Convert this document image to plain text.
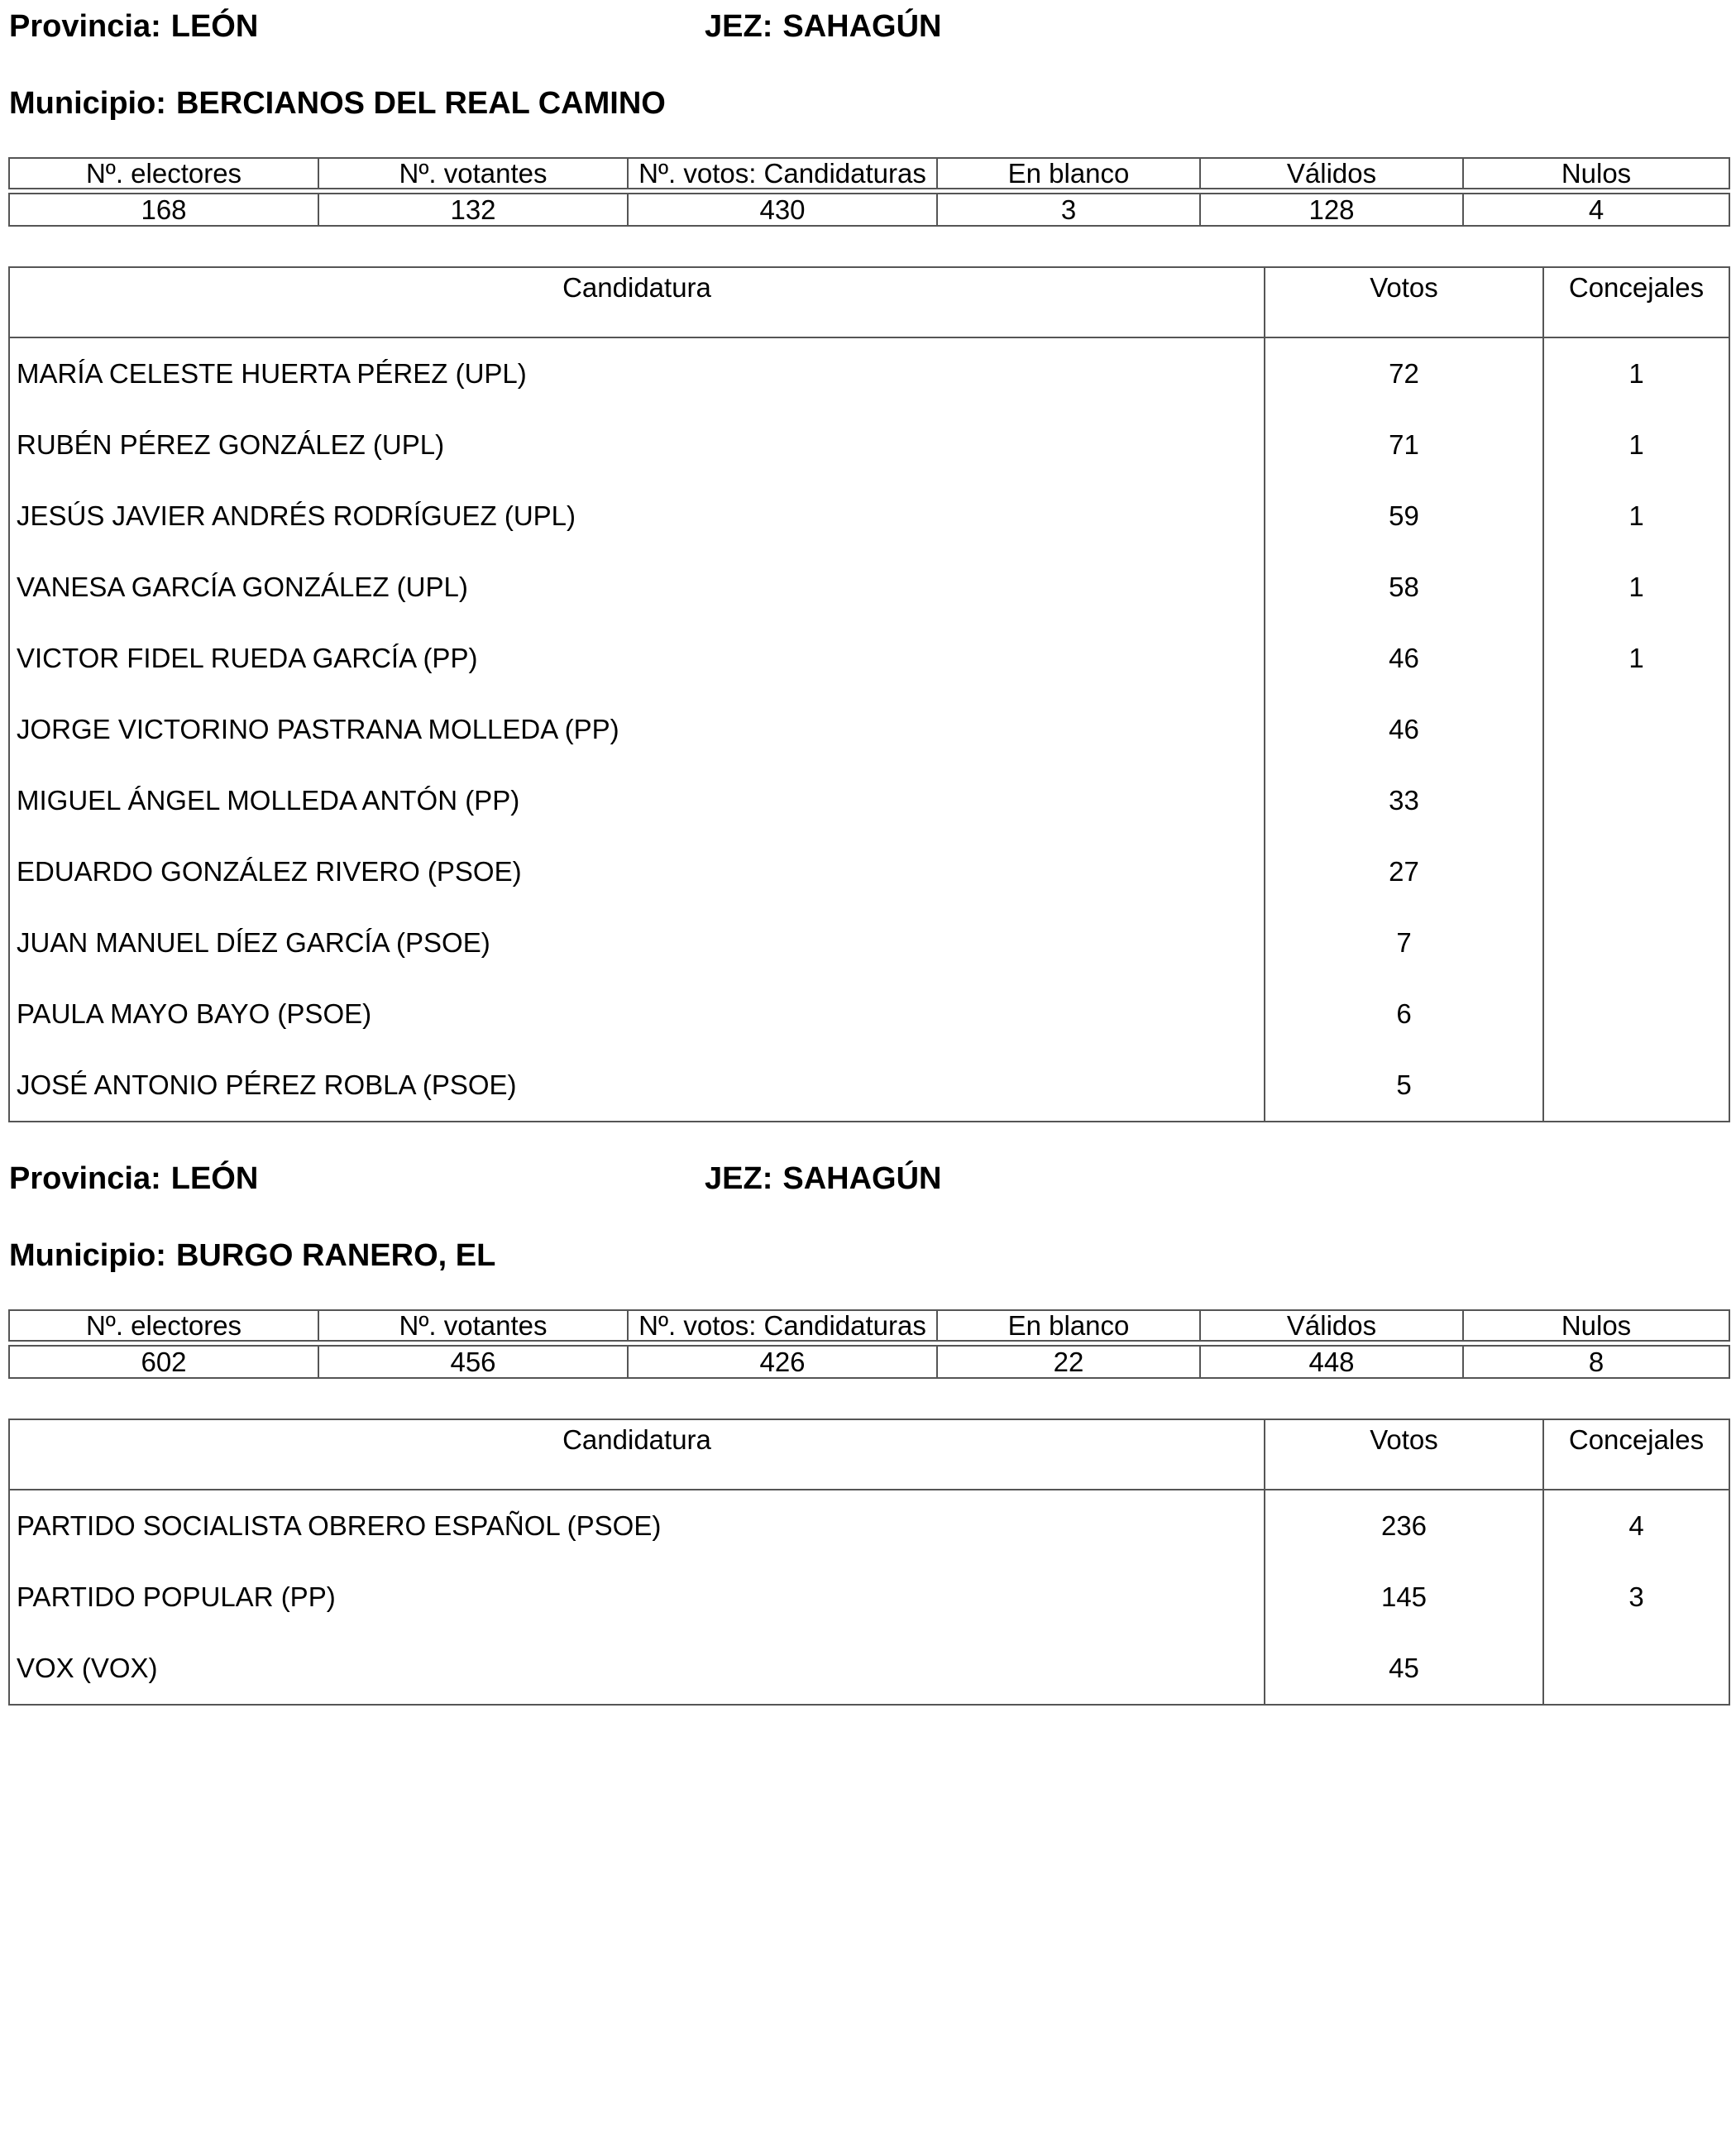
Provincia: LEÓN	JEZ: SAHAGÚN
Municipio: BERCIANOS DEL REAL CAMINO
Nº. electores	Nº. votantes	Nº. votos: Candidaturas	En blanco	Válidos	Nulos

168	132	430	3	128	4
Candidatura	Votos	Concejales
MARÍA CELESTE HUERTA PÉREZ (UPL)	72	1
RUBÉN PÉREZ GONZÁLEZ (UPL)	71	1
JESÚS JAVIER ANDRÉS RODRÍGUEZ (UPL)	59	1
VANESA GARCÍA GONZÁLEZ (UPL)	58	1
VICTOR FIDEL RUEDA GARCÍA (PP)	46	1
JORGE VICTORINO PASTRANA MOLLEDA (PP)	46	
MIGUEL ÁNGEL MOLLEDA ANTÓN (PP)	33	
EDUARDO GONZÁLEZ RIVERO (PSOE)	27	
JUAN MANUEL DÍEZ GARCÍA (PSOE)	7	
PAULA MAYO BAYO (PSOE)	6	
JOSÉ ANTONIO PÉREZ ROBLA (PSOE)	5	
Provincia: LEÓN	JEZ: SAHAGÚN
Municipio: BURGO RANERO, EL
Nº. electores	Nº. votantes	Nº. votos: Candidaturas	En blanco	Válidos	Nulos

602	456	426	22	448	8
Candidatura	Votos	Concejales
PARTIDO SOCIALISTA OBRERO ESPAÑOL (PSOE)	236	4
PARTIDO POPULAR (PP)	145	3
VOX (VOX)	45	
